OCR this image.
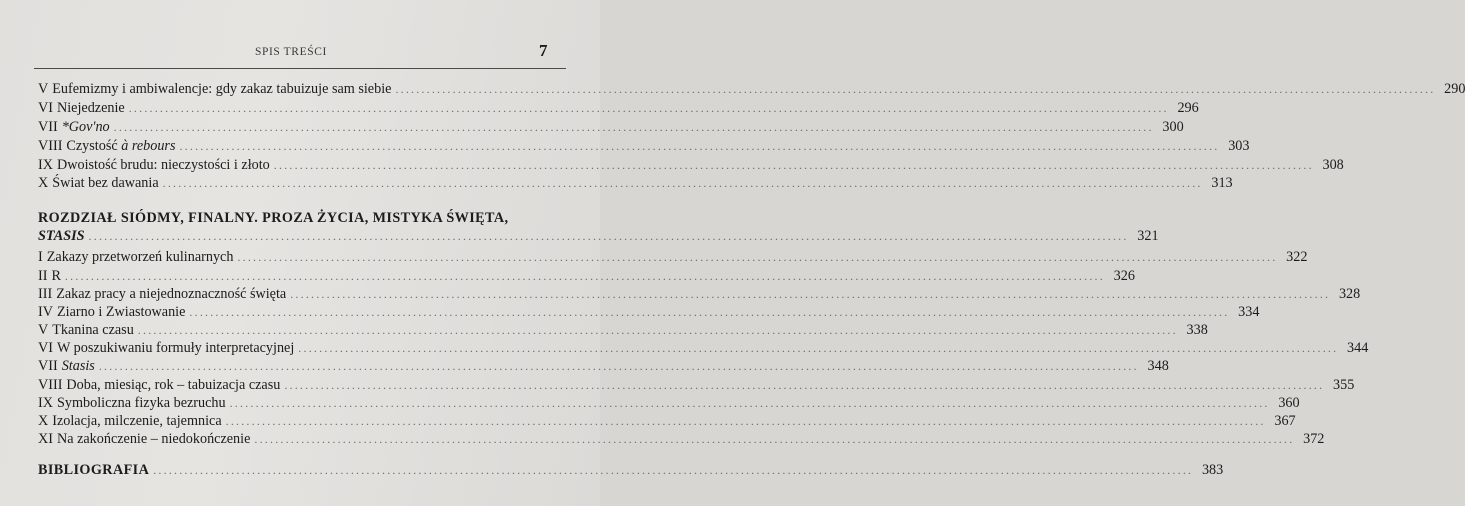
SPIS TREŚCI	7
V Eufemizmy i ambiwalencje: gdy zakaz tabuizuje sam siebie ........................................................................................................................................................................................................ 290
VI Niejedzenie ........................................................................................................................................................................................................ 296
VII *Gov'no ........................................................................................................................................................................................................ 300
VIII Czystość à rebours ........................................................................................................................................................................................................ 303
IX Dwoistość brudu: nieczystości i złoto ........................................................................................................................................................................................................ 308
X Świat bez dawania ........................................................................................................................................................................................................ 313
ROZDZIAŁ SIÓDMY, FINALNY. PROZA ŻYCIA, MISTYKA ŚWIĘTA,
STASIS ........................................................................................................................................................................................................ 321
I Zakazy przetworzeń kulinarnych ........................................................................................................................................................................................................ 322
II R ........................................................................................................................................................................................................ 326
III Zakaz pracy a niejednoznaczność święta ........................................................................................................................................................................................................ 328
IV Ziarno i Zwiastowanie ........................................................................................................................................................................................................ 334
V Tkanina czasu ........................................................................................................................................................................................................ 338
VI W poszukiwaniu formuły interpretacyjnej ........................................................................................................................................................................................................ 344
VII Stasis ........................................................................................................................................................................................................ 348
VIII Doba, miesiąc, rok – tabuizacja czasu ........................................................................................................................................................................................................ 355
IX Symboliczna fizyka bezruchu ........................................................................................................................................................................................................ 360
X Izolacja, milczenie, tajemnica ........................................................................................................................................................................................................ 367
XI Na zakończenie – niedokończenie ........................................................................................................................................................................................................ 372
BIBLIOGRAFIA ........................................................................................................................................................................................................ 383
